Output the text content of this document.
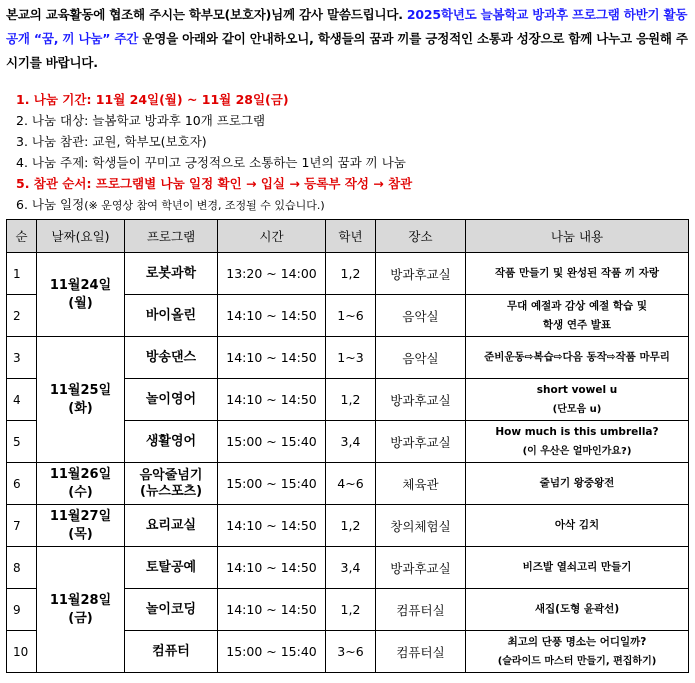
본교의 교육활동에 협조해 주시는 학부모(보호자)님께 감사 말씀드립니다. 2025학년도 늘봄학교 방과후 프로그램 하반기 활동 공개 “꿈, 끼 나눔” 주간 운영을 아래와 같이 안내하오니, 학생들의 꿈과 끼를 긍정적인 소통과 성장으로 함께 나누고 응원해 주시기를 바랍니다.
1. 나눔 기간: 11월 24일(월) ~ 11월 28일(금)
2. 나눔 대상: 늘봄학교 방과후 10개 프로그램
3. 나눔 참관: 교원, 학부모(보호자)
4. 나눔 주제: 학생들이 꾸미고 긍정적으로 소통하는 1년의 꿈과 끼 나눔
5. 참관 순서: 프로그램별 나눔 일정 확인 → 입실 → 등록부 작성 → 참관
6. 나눔 일정(※ 운영상 참여 학년이 변경, 조정될 수 있습니다.)
순	날짜(요일)	프로그램	시간	학년	장소	나눔 내용
1	11월24일
(월)	로봇과학	13:20 ~ 14:00	1,2	방과후교실	작품 만들기 및 완성된 작품 끼 자랑

2		바이올린	14:10 ~ 14:50	1~6	음악실	무대 예절과 감상 예절 학습 및
학생 연주 발표

3	11월25일
(화)	방송댄스	14:10 ~ 14:50	1~3	음악실	준비운동⇨복습⇨다음 동작⇨작품 마무리

4		놀이영어	14:10 ~ 14:50	1,2	방과후교실	short vowel u
(단모음 u)

5		생활영어	15:00 ~ 15:40	3,4	방과후교실	How much is this umbrella?
(이 우산은 얼마인가요?)

6	11월26일
(수)	음악줄넘기
(뉴스포츠)	15:00 ~ 15:40	4~6	체육관	줄넘기 왕중왕전

7	11월27일
(목)	요리교실	14:10 ~ 14:50	1,2	창의체험실	아삭 김치

8	11월28일
(금)	토탈공예	14:10 ~ 14:50	3,4	방과후교실	비즈발 열쇠고리 만들기

9		놀이코딩	14:10 ~ 14:50	1,2	컴퓨터실	새집(도형 윤곽선)

10		컴퓨터	15:00 ~ 15:40	3~6	컴퓨터실	최고의 단풍 명소는 어디일까?
(슬라이드 마스터 만들기, 편집하기)
